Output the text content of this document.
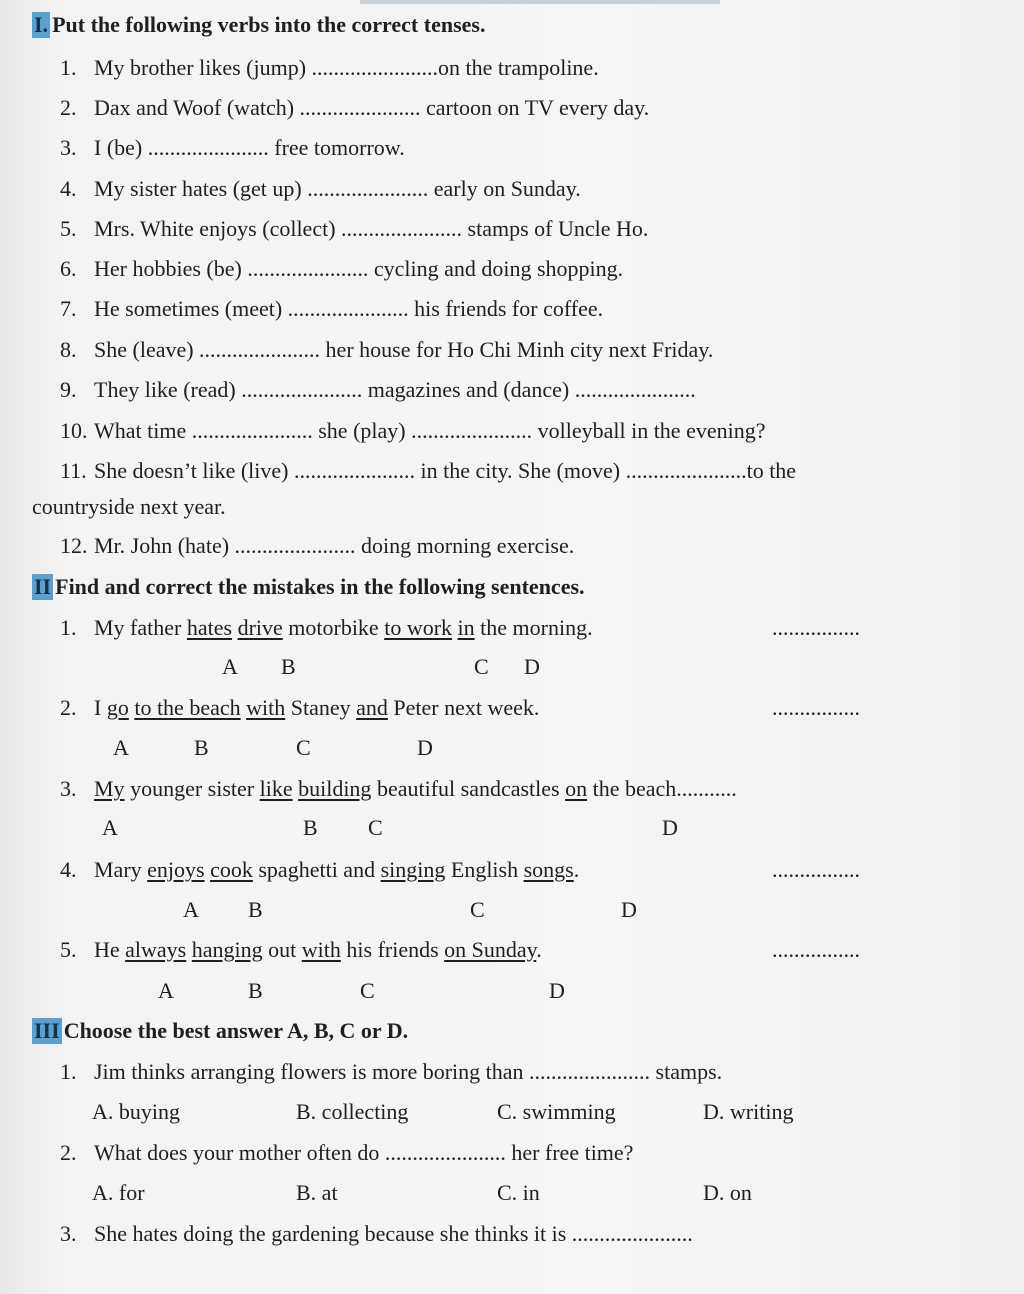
I. Put the following verbs into the correct tenses.
1. My brother likes (jump) .......................on the trampoline.
2. Dax and Woof (watch) ...................... cartoon on TV every day.
3. I (be) ...................... free tomorrow.
4. My sister hates (get up) ...................... early on Sunday.
5. Mrs. White enjoys (collect) ...................... stamps of Uncle Ho.
6. Her hobbies (be) ...................... cycling and doing shopping.
7. He sometimes (meet) ...................... his friends for coffee.
8. She (leave) ...................... her house for Ho Chi Minh city next Friday.
9. They like (read) ...................... magazines and (dance) ......................
10. What time ...................... she (play) ...................... volleyball in the evening?
11. She doesn’t like (live) ...................... in the city. She (move) ......................to the
countryside next year.
12. Mr. John (hate) ...................... doing morning exercise.
II Find and correct the mistakes in the following sentences.
1. My father hates drive motorbike to work in the morning.	................
A B	C D
2. I go to the beach with Staney and Peter next week.	................
A	B	C	D
3. My younger sister like building beautiful sandcastles on the beach...........
A	B C	D
4. Mary enjoys cook spaghetti and singing English songs.	................
A B	C	D
5. He always hanging out with his friends on Sunday.	................
A	B	C	D
III Choose the best answer A, B, C or D.
1. Jim thinks arranging flowers is more boring than ...................... stamps.
A. buying	B. collecting	C. swimming	D. writing
2. What does your mother often do ...................... her free time?
A. for	B. at	C. in	D. on
3. She hates doing the gardening because she thinks it is ......................
